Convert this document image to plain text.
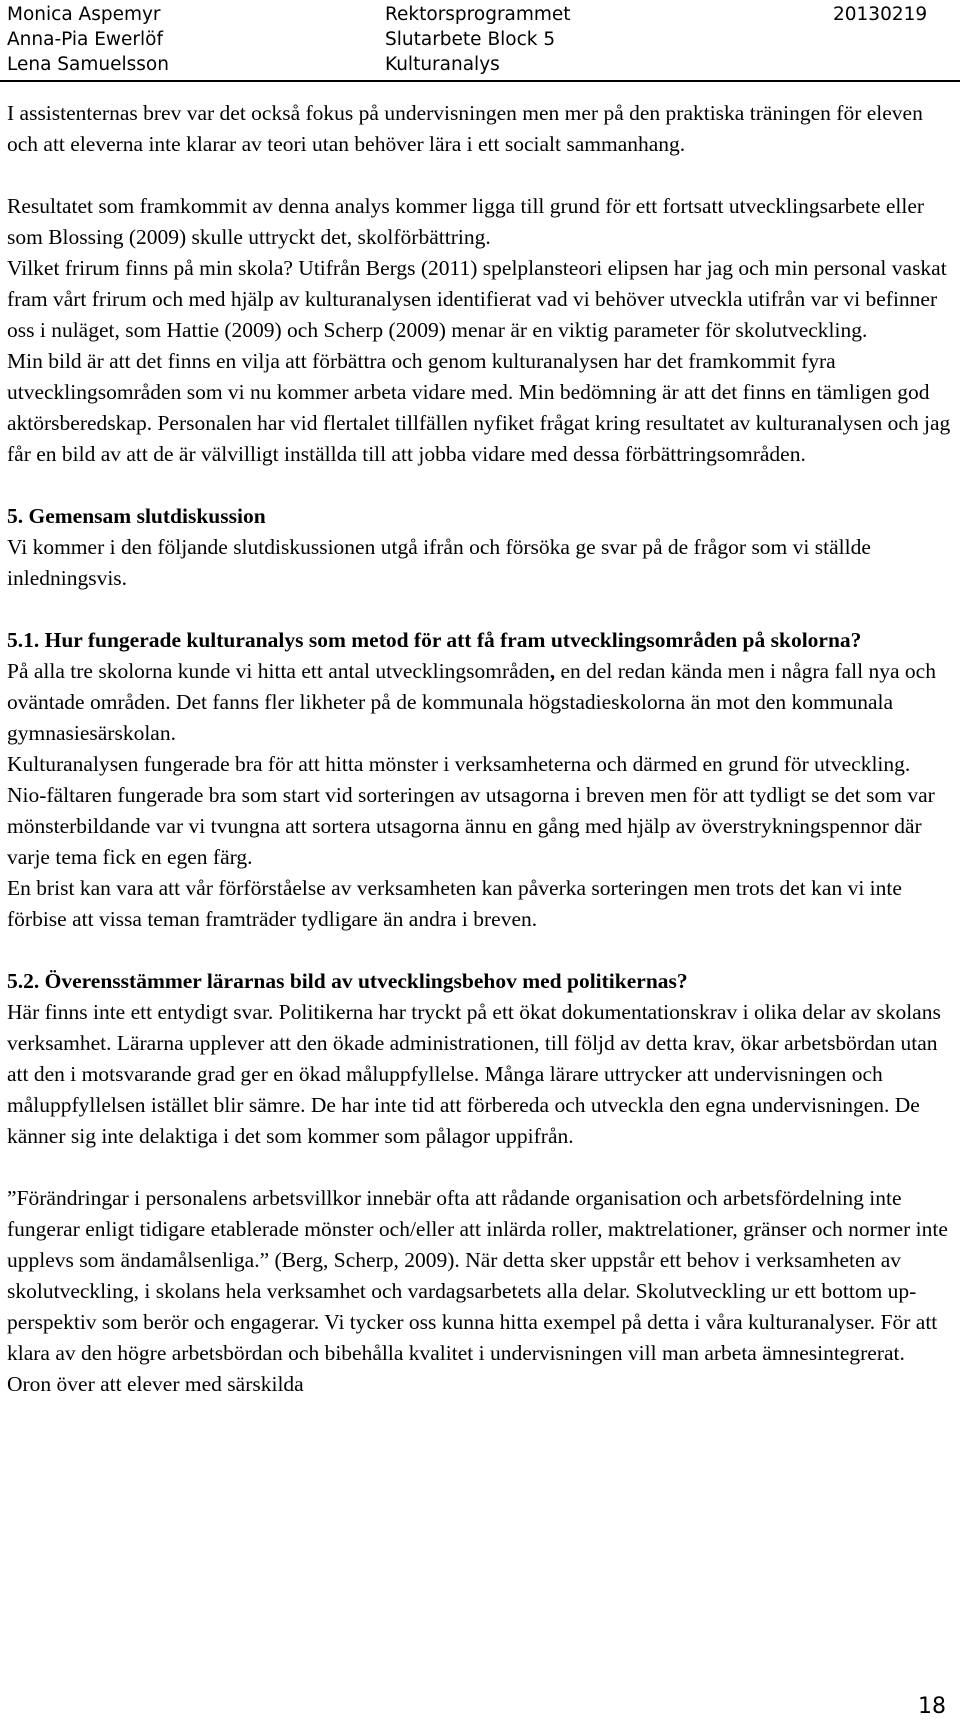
Monica Aspemyr
Anna-Pia Ewerlöf
Lena Samuelsson
Rektorsprogrammet
Slutarbete Block 5
Kulturanalys
20130219

I assistenternas brev var det också fokus på undervisningen men mer på den praktiska träningen för eleven och att eleverna inte klarar av teori utan behöver lära i ett socialt sammanhang.

Resultatet som framkommit av denna analys kommer ligga till grund för ett fortsatt utvecklingsarbete eller som Blossing (2009) skulle uttryckt det, skolförbättring.

Vilket frirum finns på min skola? Utifrån Bergs (2011) spelplansteori elipsen har jag och min personal vaskat fram vårt frirum och med hjälp av kulturanalysen identifierat vad vi behöver utveckla utifrån var vi befinner oss i nuläget, som Hattie (2009) och Scherp (2009) menar är en viktig parameter för skolutveckling.

Min bild är att det finns en vilja att förbättra och genom kulturanalysen har det framkommit fyra utvecklingsområden som vi nu kommer arbeta vidare med. Min bedömning är att det finns en tämligen god aktörsberedskap. Personalen har vid flertalet tillfällen nyfiket frågat kring resultatet av kulturanalysen och jag får en bild av att de är välvilligt inställda till att jobba vidare med dessa förbättringsområden.

5. Gemensam slutdiskussion

Vi kommer i den följande slutdiskussionen utgå ifrån och försöka ge svar på de frågor som vi ställde inledningsvis.

5.1. Hur fungerade kulturanalys som metod för att få fram utvecklingsområden på skolorna?

På alla tre skolorna kunde vi hitta ett antal utvecklingsområden, en del redan kända men i några fall nya och oväntade områden. Det fanns fler likheter på de kommunala högstadieskolorna än mot den kommunala gymnasiesärskolan.

Kulturanalysen fungerade bra för att hitta mönster i verksamheterna och därmed en grund för utveckling.

Nio-fältaren fungerade bra som start vid sorteringen av utsagorna i breven men för att tydligt se det som var mönsterbildande var vi tvungna att sortera utsagorna ännu en gång med hjälp av överstrykningspennor där varje tema fick en egen färg.

En brist kan vara att vår förförståelse av verksamheten kan påverka sorteringen men trots det kan vi inte förbise att vissa teman framträder tydligare än andra i breven.

5.2. Överensstämmer lärarnas bild av utvecklingsbehov med politikernas?

Här finns inte ett entydigt svar. Politikerna har tryckt på ett ökat dokumentationskrav i olika delar av skolans verksamhet. Lärarna upplever att den ökade administrationen, till följd av detta krav, ökar arbetsbördan utan att den i motsvarande grad ger en ökad måluppfyllelse. Många lärare uttrycker att undervisningen och måluppfyllelsen istället blir sämre. De har inte tid att förbereda och utveckla den egna undervisningen. De känner sig inte delaktiga i det som kommer som pålagor uppifrån.

”Förändringar i personalens arbetsvillkor innebär ofta att rådande organisation och arbetsfördelning inte fungerar enligt tidigare etablerade mönster och/eller att inlärda roller, maktrelationer, gränser och normer inte upplevs som ändamålsenliga.” (Berg, Scherp, 2009). När detta sker uppstår ett behov i verksamheten av skolutveckling, i skolans hela verksamhet och vardagsarbetets alla delar. Skolutveckling ur ett bottom up-perspektiv som berör och engagerar. Vi tycker oss kunna hitta exempel på detta i våra kulturanalyser. För att klara av den högre arbetsbördan och bibehålla kvalitet i undervisningen vill man arbeta ämnesintegrerat. Oron över att elever med särskilda

18
